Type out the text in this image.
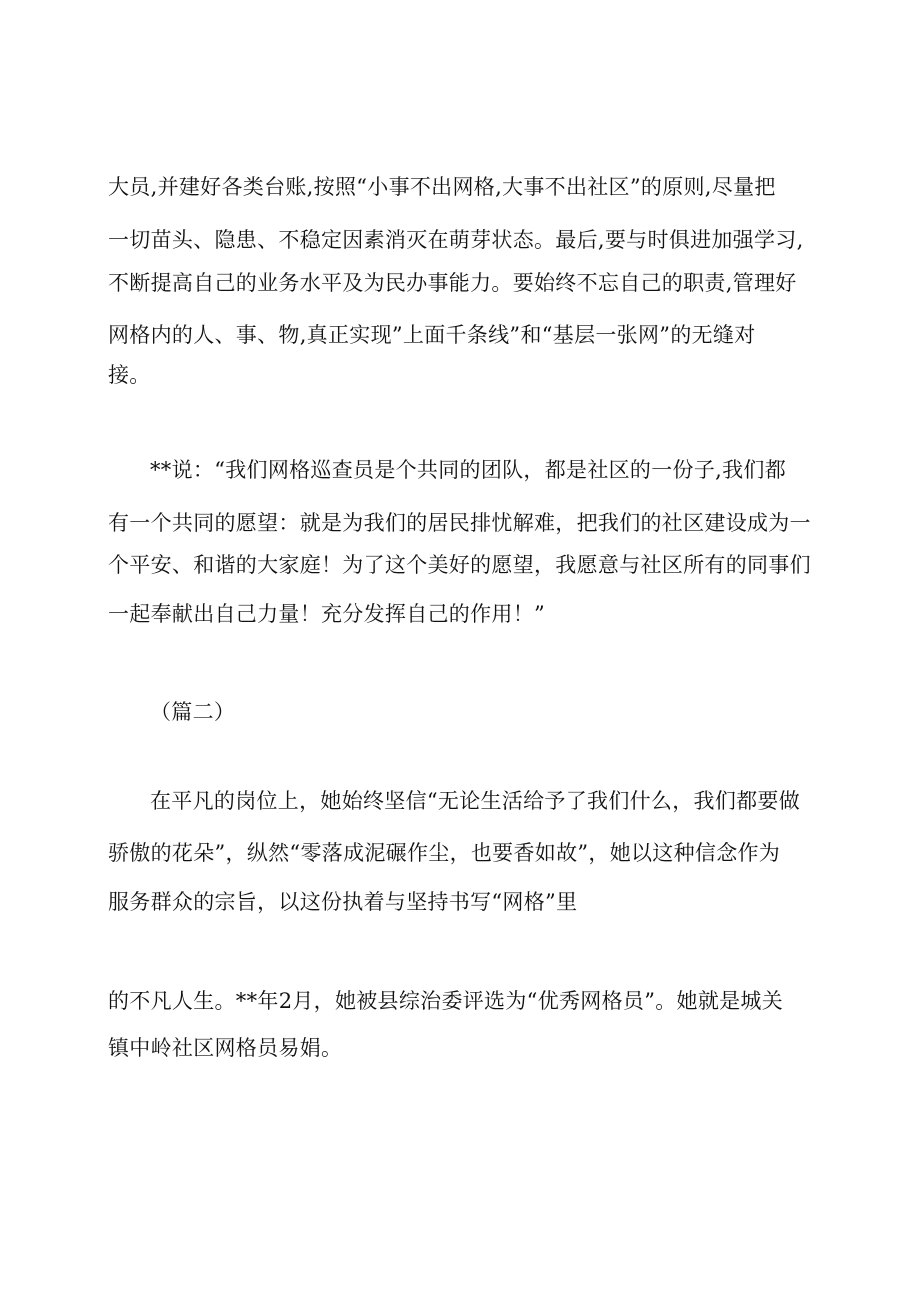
大员,并建好各类台账,按照“小事不出网格,大事不出社区”的原则,尽量把
一切苗头、隐患、不稳定因素消灭在萌芽状态。最后,要与时俱进加强学习,
不断提高自己的业务水平及为民办事能力。要始终不忘自己的职责,管理好
网格内的人、事、物,真正实现”上面千条线”和“基层一张网”的无缝对
接。
**说：“我们网格巡查员是个共同的团队，都是社区的一份子,我们都
有一个共同的愿望：就是为我们的居民排忧解难，把我们的社区建设成为一
个平安、和谐的大家庭！为了这个美好的愿望，我愿意与社区所有的同事们
一起奉献出自己力量！充分发挥自己的作用！”
（篇二）
在平凡的岗位上，她始终坚信“无论生活给予了我们什么，我们都要做
骄傲的花朵”，纵然“零落成泥碾作尘，也要香如故”，她以这种信念作为
服务群众的宗旨，以这份执着与坚持书写“网格”里
的不凡人生。**年2月，她被县综治委评选为“优秀网格员”。她就是城关
镇中岭社区网格员易娟。
